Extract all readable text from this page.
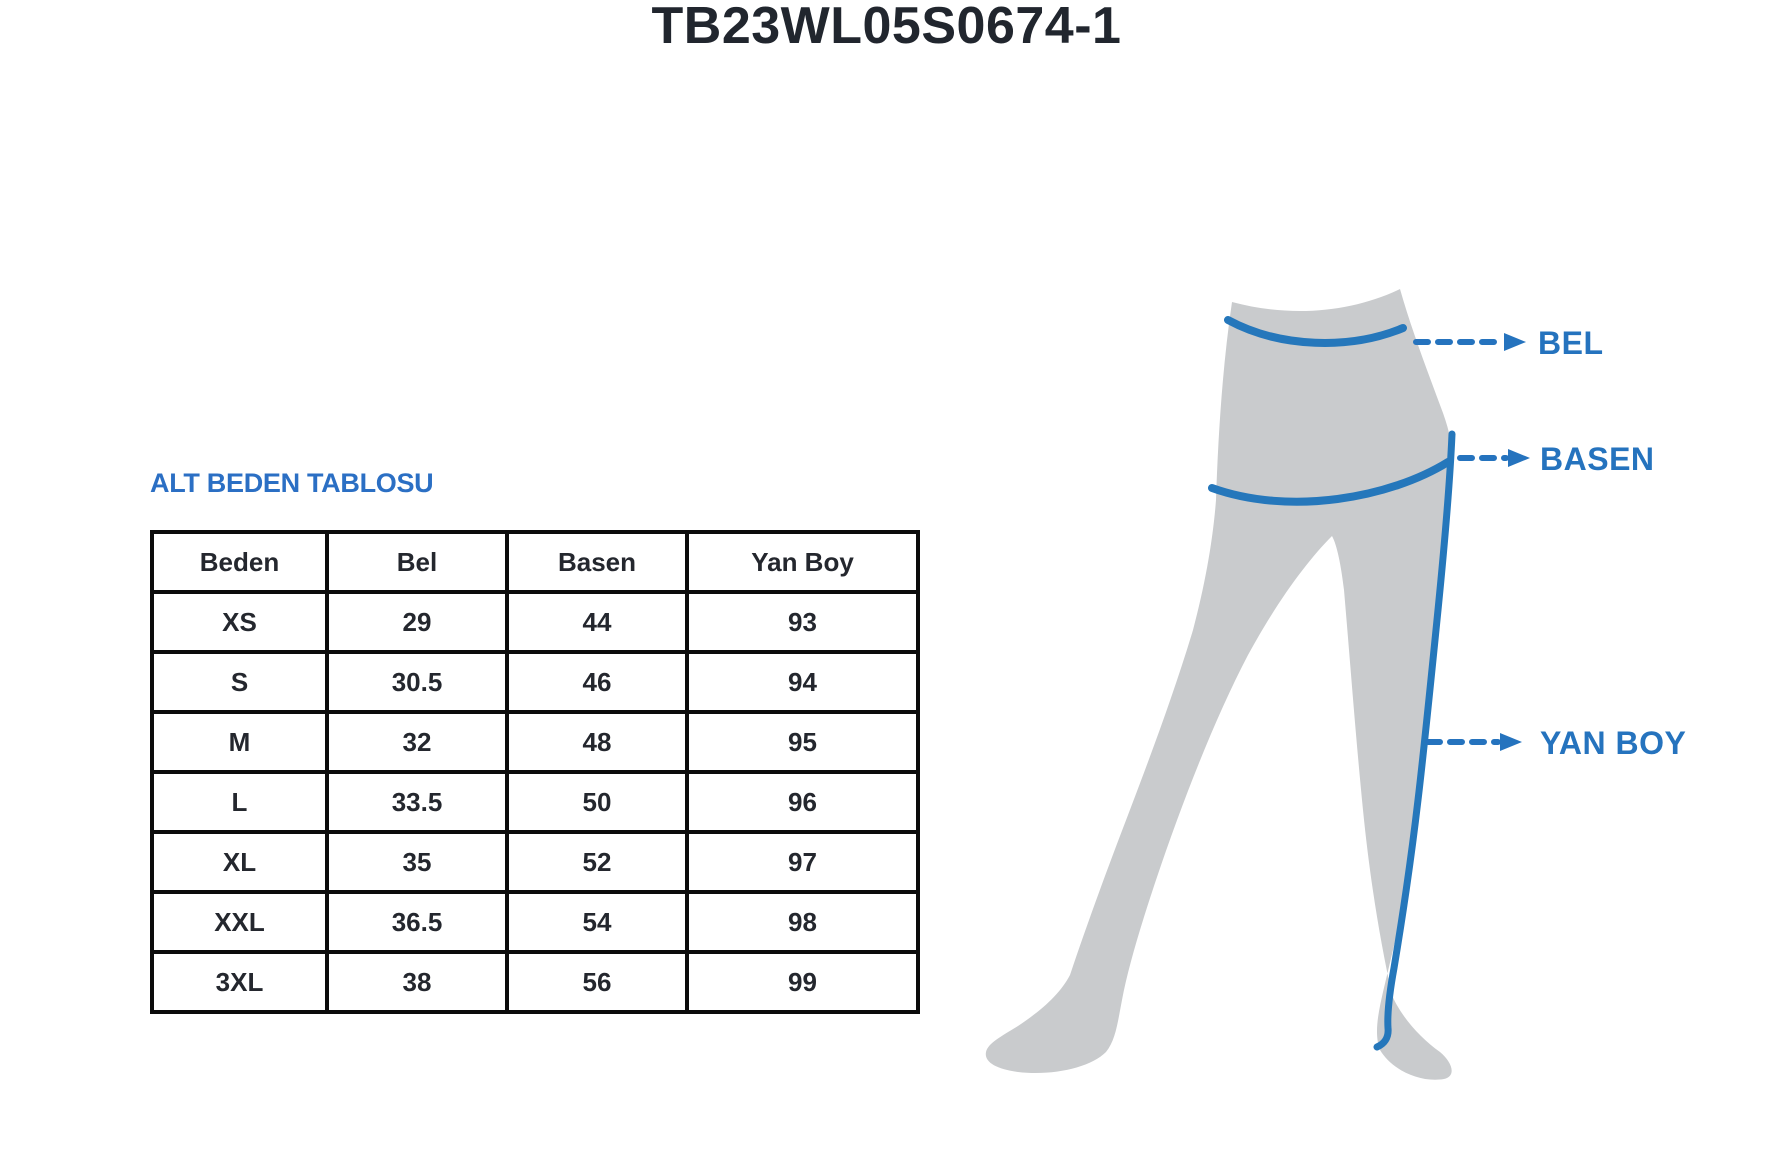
TB23WL05S0674-1
ALT BEDEN TABLOSU
Beden	Bel	Basen	Yan Boy
XS	29	44	93
S	30.5	46	94
M	32	48	95
L	33.5	50	96
XL	35	52	97
XXL	36.5	54	98
3XL	38	56	99
BEL
BASEN
YAN BOY
